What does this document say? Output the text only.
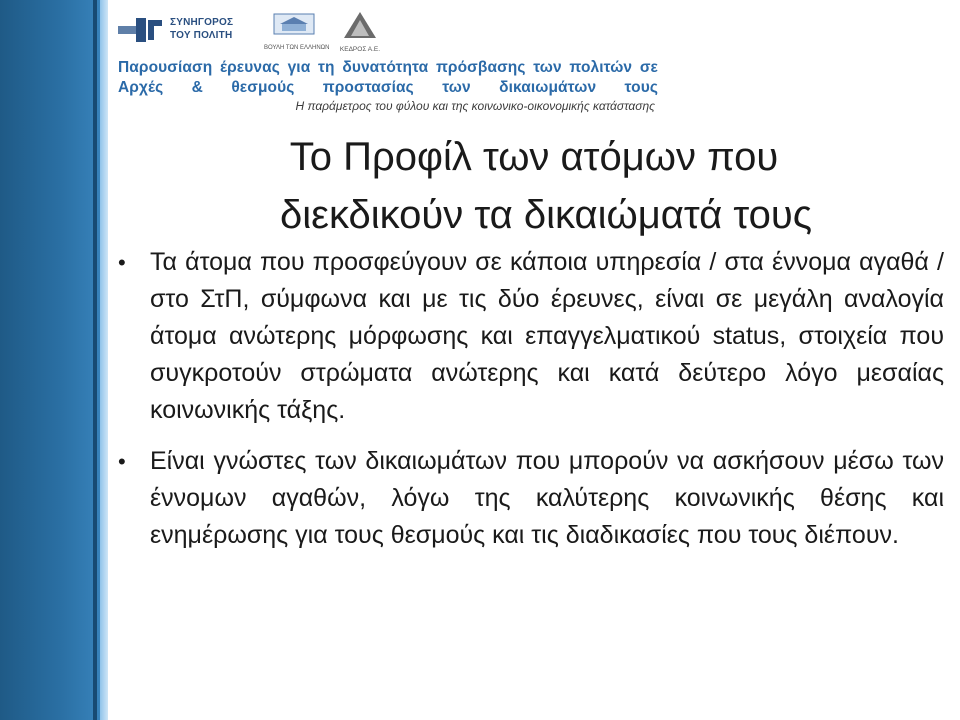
ΣΥΝΗΓΟΡΟΣ ΤΟΥ ΠΟΛΙΤΗ
ΒΟΥΛΗ ΤΩΝ ΕΛΛΗΝΩΝ ΚΕΔΡΟΣ Α.Ε.
Παρουσίαση έρευνας για τη δυνατότητα πρόσβασης των πολιτών σε Αρχές & θεσμούς προστασίας των δικαιωμάτων τους
Η παράμετρος του φύλου και της κοινωνικο-οικονομικής κατάστασης
Το Προφίλ των ατόμων που
διεκδικούν τα δικαιώματά τους
• Τα άτομα που προσφεύγουν σε κάποια υπηρεσία / στα έννομα αγαθά / στο ΣτΠ, σύμφωνα και με τις δύο έρευνες, είναι σε μεγάλη αναλογία άτομα ανώτερης μόρφωσης και επαγγελματικού status, στοιχεία που συγκροτούν στρώματα ανώτερης και κατά δεύτερο λόγο μεσαίας κοινωνικής τάξης.
• Είναι γνώστες των δικαιωμάτων που μπορούν να ασκήσουν μέσω των έννομων αγαθών, λόγω της καλύτερης κοινωνικής θέσης και ενημέρωσης για τους θεσμούς και τις διαδικασίες που τους διέπουν.
